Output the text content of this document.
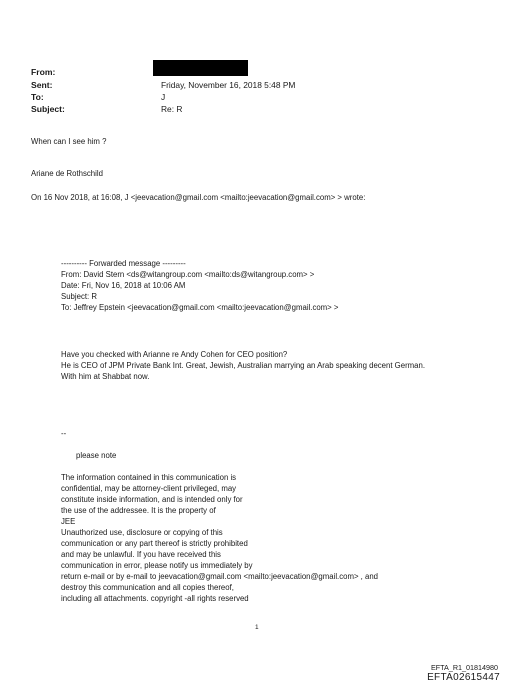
From:
Sent:	Friday, November 16, 2018 5:48 PM
To:	J
Subject:	Re: R
When can I see him ?
Ariane de Rothschild
On 16 Nov 2018, at 16:08, J <jeevacation@gmail.com <mailto:jeevacation@gmail.com> > wrote:
---------- Forwarded message ---------
From: David Stern <ds@witangroup.com <mailto:ds@witangroup.com> >
Date: Fri, Nov 16, 2018 at 10:06 AM
Subject: R
To: Jeffrey Epstein <jeevacation@gmail.com <mailto:jeevacation@gmail.com> >
Have you checked with Arianne re Andy Cohen for CEO position?
He is CEO of JPM Private Bank Int. Great, Jewish, Australian marrying an Arab speaking decent German.
With him at Shabbat now.
--
please note
The information contained in this communication is
confidential, may be attorney-client privileged, may
constitute inside information, and is intended only for
the use of the addressee. It is the property of
JEE
Unauthorized use, disclosure or copying of this
communication or any part thereof is strictly prohibited
and may be unlawful. If you have received this
communication in error, please notify us immediately by
return e-mail or by e-mail to jeevacation@gmail.com <mailto:jeevacation@gmail.com> , and
destroy this communication and all copies thereof,
including all attachments. copyright -all rights reserved
1
EFTA_R1_01814980
EFTA02615447
